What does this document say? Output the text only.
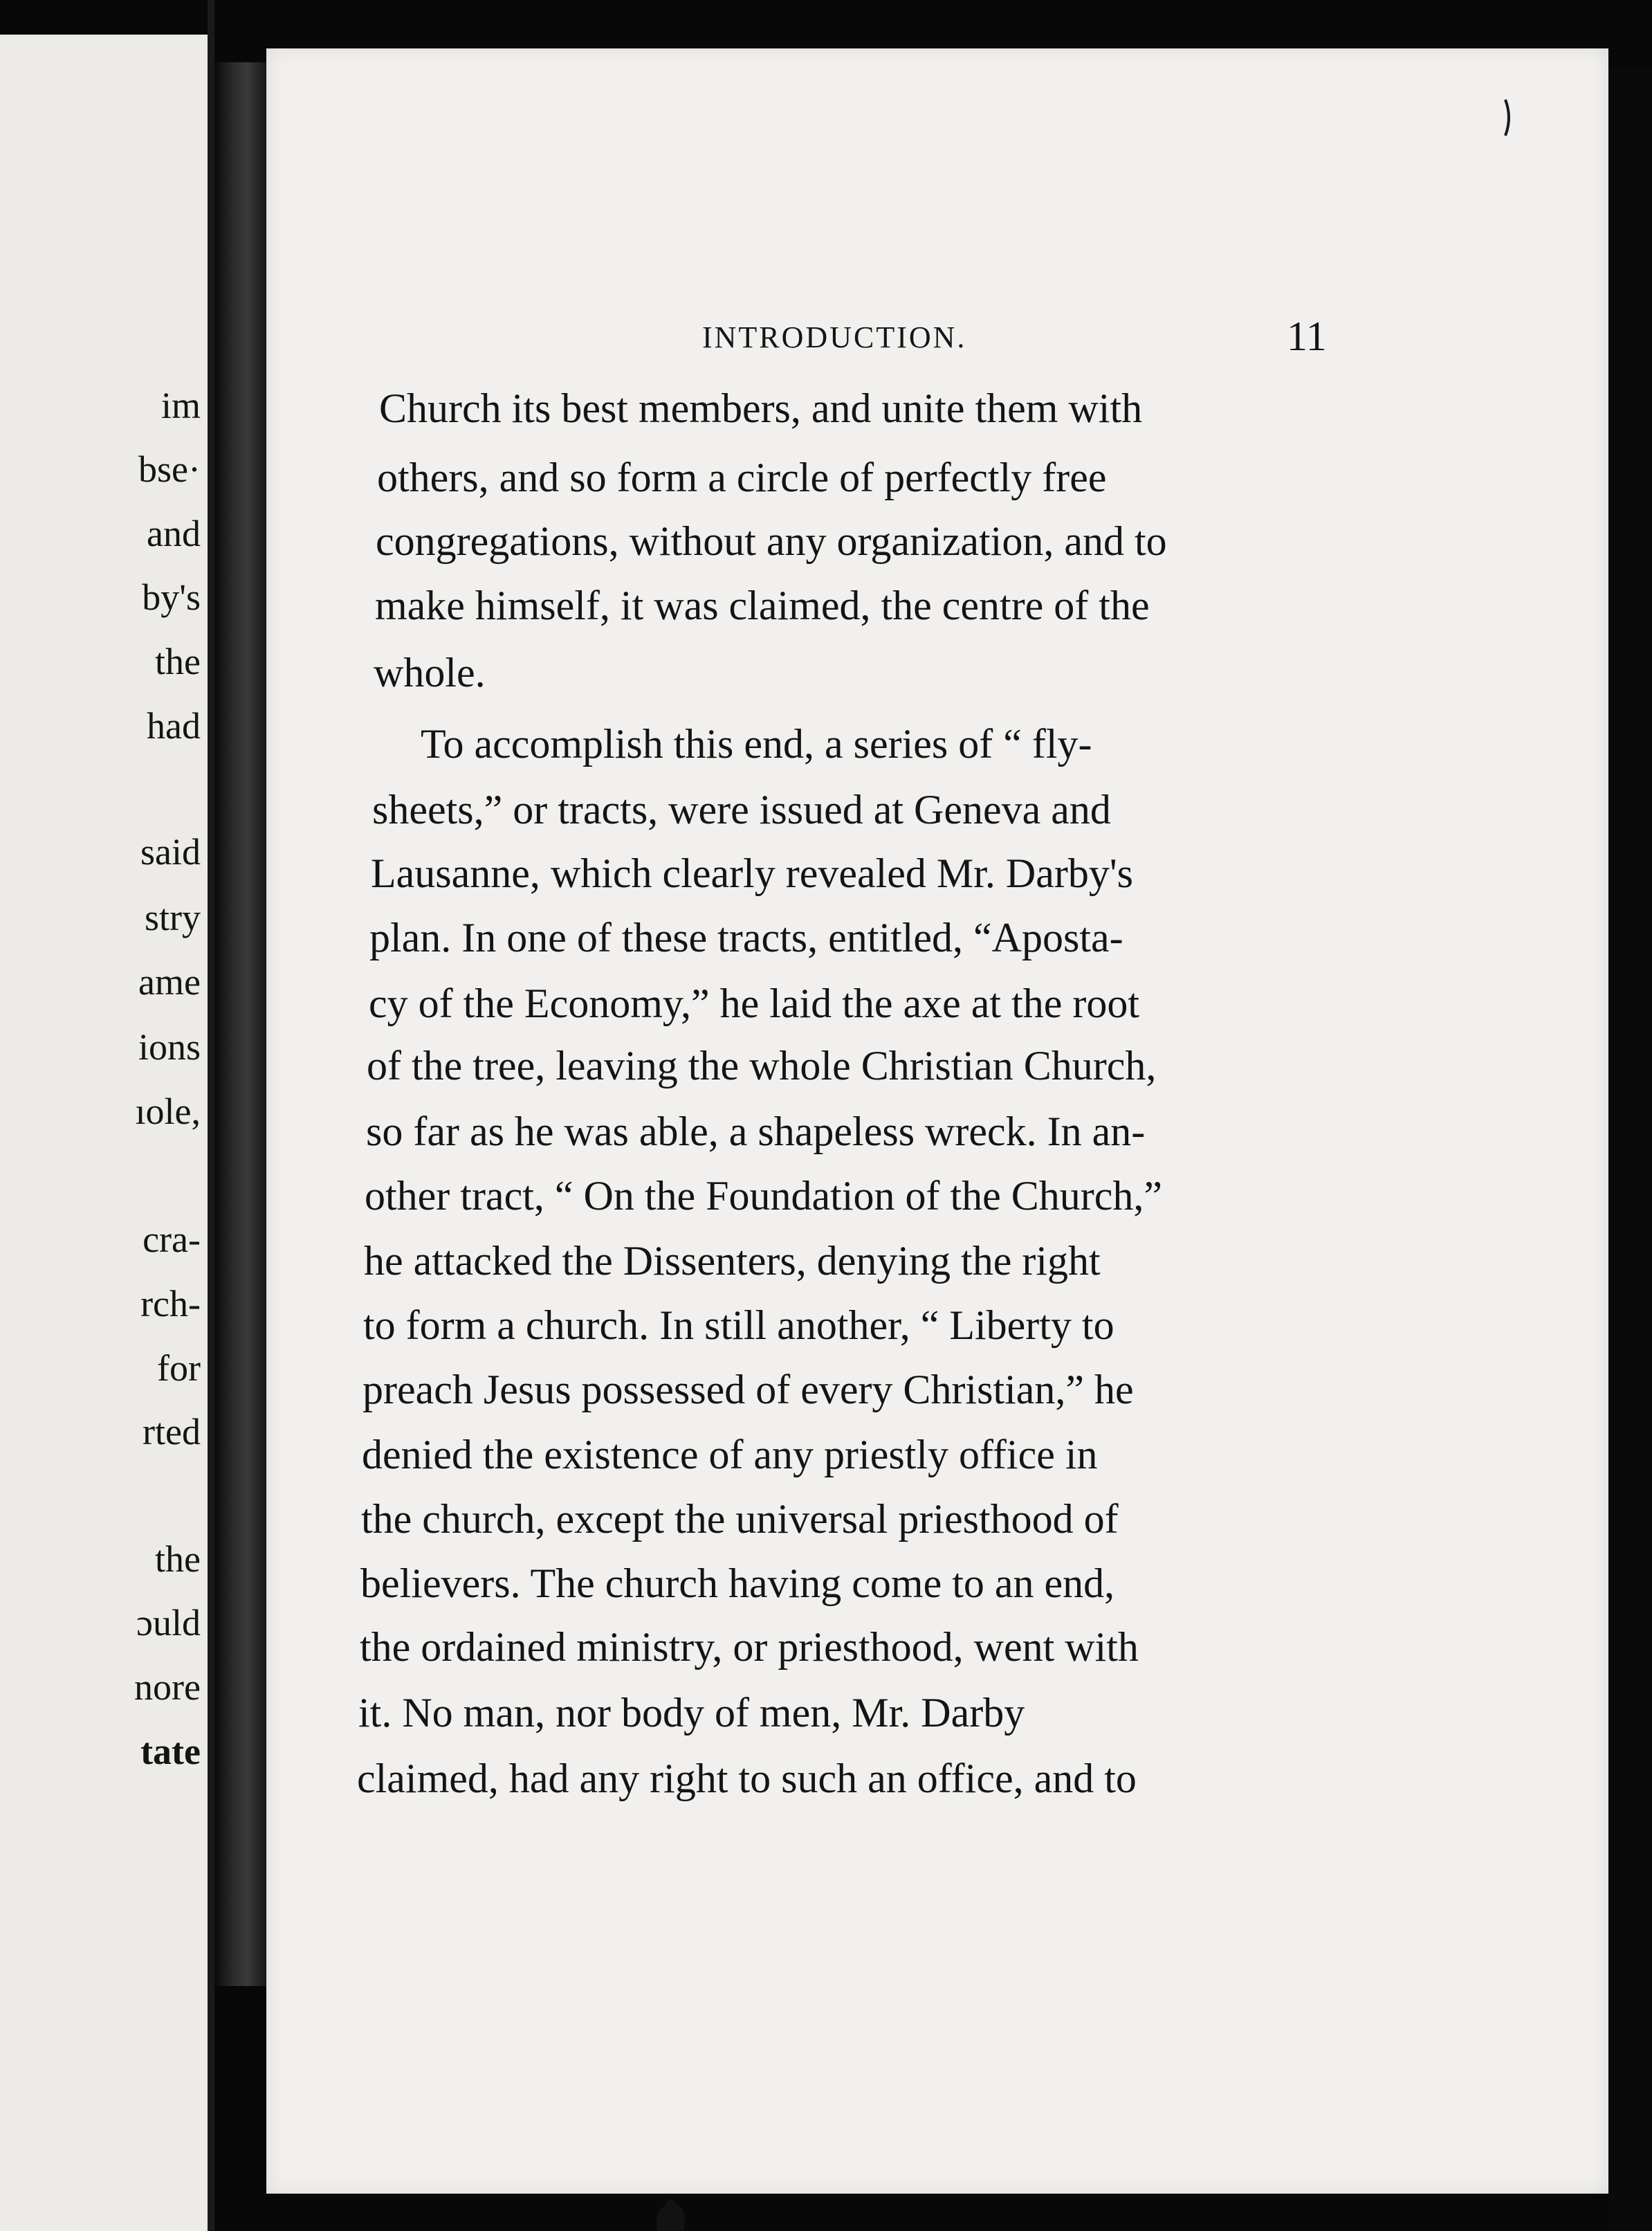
im
bse·
and
by's
the
had
said
stry
ame
ions
ıole,
cra-
rch-
for
rted
the
ɔuld
nore
tate
INTRODUCTION.	11

Church its best members, and unite them with

others, and so form a circle of perfectly free

congregations, without any organization, and to

make himself, it was claimed, the centre of the

whole.

To accomplish this end, a series of “ fly-

sheets,” or tracts, were issued at Geneva and

Lausanne, which clearly revealed Mr. Darby's

plan. In one of these tracts, entitled, “Apostа-

cy of the Economy,” he laid the axe at the root

of the tree, leaving the whole Christian Church,

so far as he was able, a shapeless wreck. In an-

other tract, “ On the Foundation of the Church,”

he attacked the Dissenters, denying the right

to form a church. In still another, “ Liberty to

preach Jesus possessed of every Christian,” he

denied the existence of any priestly office in

the church, except the universal priesthood of

believers. The church having come to an end,

the ordained ministry, or priesthood, went with

it. No man, nor body of men, Mr. Darby

claimed, had any right to such an office, and to
